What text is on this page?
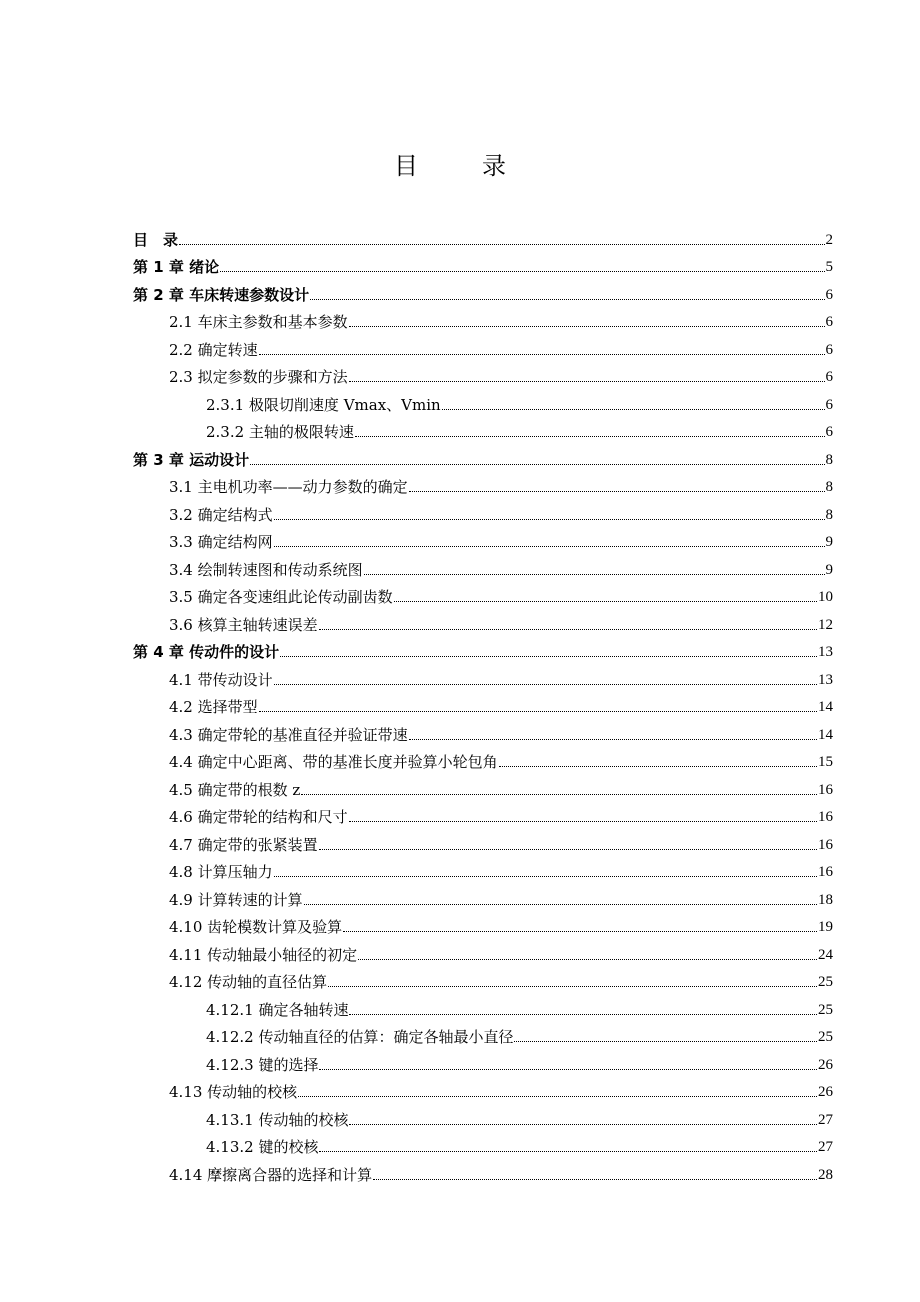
目　录
目　录	2
第 1 章 绪论	5
第 2 章 车床转速参数设计	6
2.1 车床主参数和基本参数	6
2.2 确定转速	6
2.3 拟定参数的步骤和方法	6
2.3.1 极限切削速度 Vmax、Vmin	6
2.3.2 主轴的极限转速	6
第 3 章 运动设计	8
3.1 主电机功率——动力参数的确定	8
3.2 确定结构式	8
3.3 确定结构网	9
3.4 绘制转速图和传动系统图	9
3.5 确定各变速组此论传动副齿数	10
3.6 核算主轴转速误差	12
第 4 章 传动件的设计	13
4.1 带传动设计	13
4.2 选择带型	14
4.3 确定带轮的基准直径并验证带速	14
4.4 确定中心距离、带的基准长度并验算小轮包角	15
4.5 确定带的根数 z	16
4.6 确定带轮的结构和尺寸	16
4.7 确定带的张紧装置	16
4.8 计算压轴力	16
4.9 计算转速的计算	18
4.10 齿轮模数计算及验算	19
4.11 传动轴最小轴径的初定	24
4.12 传动轴的直径估算	25
4.12.1 确定各轴转速	25
4.12.2 传动轴直径的估算：确定各轴最小直径	25
4.12.3 键的选择	26
4.13 传动轴的校核	26
4.13.1 传动轴的校核	27
4.13.2 键的校核	27
4.14 摩擦离合器的选择和计算	28
